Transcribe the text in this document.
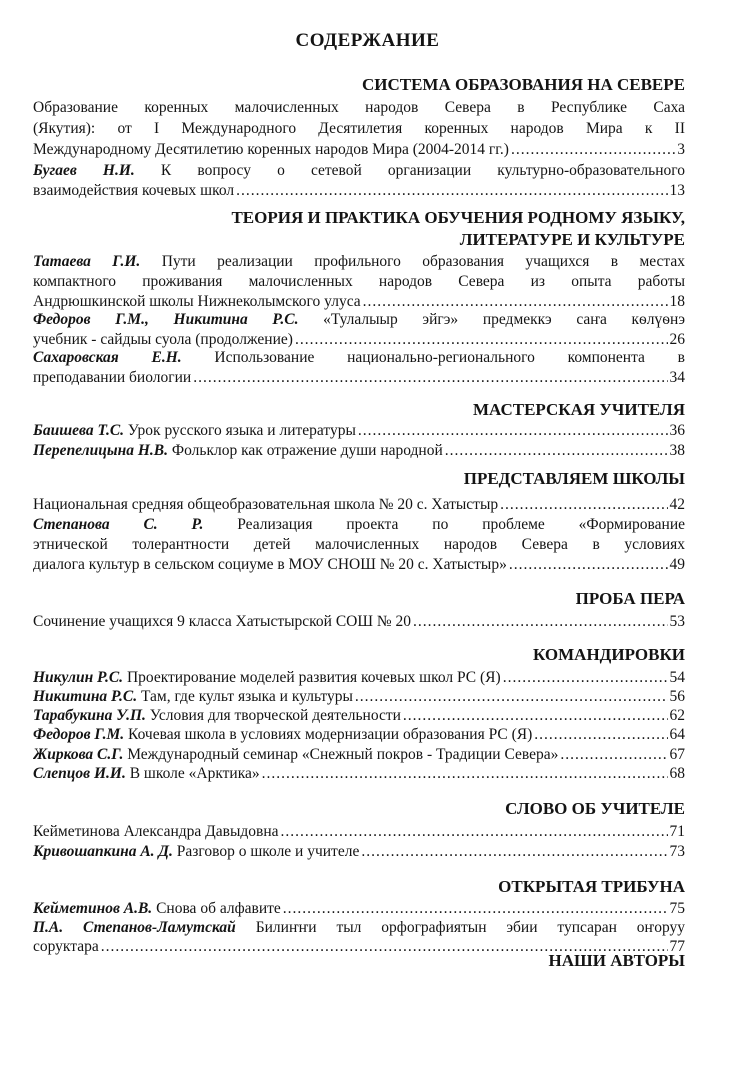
СОДЕРЖАНИЕ
СИСТЕМА ОБРАЗОВАНИЯ НА СЕВЕРЕ
Образование коренных малочисленных народов Севера в Республике Саха
(Якутия): от I Международного Десятилетия коренных народов Мира к II
Международному Десятилетию коренных народов Мира (2004-2014 гг.) .....	3
Бугаев Н.И. К вопросу о сетевой организации культурно-образовательного
взаимодействия кочевых школ .....	13
ТЕОРИЯ И ПРАКТИКА ОБУЧЕНИЯ РОДНОМУ ЯЗЫКУ,
ЛИТЕРАТУРЕ И КУЛЬТУРЕ
Татаева Г.И. Пути реализации профильного образования учащихся в местах
компактного проживания малочисленных народов Севера из опыта работы
Андрюшкинской школы Нижнеколымского улуса .....	18
Федоров Г.М., Никитина Р.С. «Тулалыыр эйгэ» предмеккэ саҥа кѳлүѳнэ
учебник - сайдыы суола (продолжение) .....	26
Сахаровская Е.Н. Использование национально-регионального компонента в
преподавании биологии .....	34
МАСТЕРСКАЯ УЧИТЕЛЯ
Баишева Т.С. Урок русского языка и литературы .....	36
Перепелицына Н.В. Фольклор как отражение души народной .....	38
ПРЕДСТАВЛЯЕМ ШКОЛЫ
Национальная средняя общеобразовательная школа № 20 с. Хатыстыр .....	42
Степанова С. Р. Реализация проекта по проблеме «Формирование
этнической толерантности детей малочисленных народов Севера в условиях
диалога культур в сельском социуме в МОУ СНОШ № 20 с. Хатыстыр» .....	49
ПРОБА ПЕРА
Сочинение учащихся 9 класса Хатыстырской СОШ № 20 .....	53
КОМАНДИРОВКИ
Никулин Р.С. Проектирование моделей развития кочевых школ РС (Я) .....	54
Никитина Р.С. Там, где культ языка и культуры .....	56
Тарабукина У.П. Условия для творческой деятельности .....	62
Федоров Г.М. Кочевая школа в условиях модернизации образования РС (Я) .....	64
Жиркова С.Г. Международный семинар «Снежный покров - Традиции Севера» .....	67
Слепцов И.И. В школе «Арктика» .....	68
СЛОВО ОБ УЧИТЕЛЕ
Кейметинова Александра Давыдовна .....	71
Кривошапкина А. Д. Разговор о школе и учителе .....	73
ОТКРЫТАЯ ТРИБУНА
Кейметинов А.В. Снова об алфавите .....	75
П.А. Степанов-Ламутскай Билиҥҥи тыл орфографиятын эбии тупсаран оҥоруу
соруктара .....	77
НАШИ АВТОРЫ
